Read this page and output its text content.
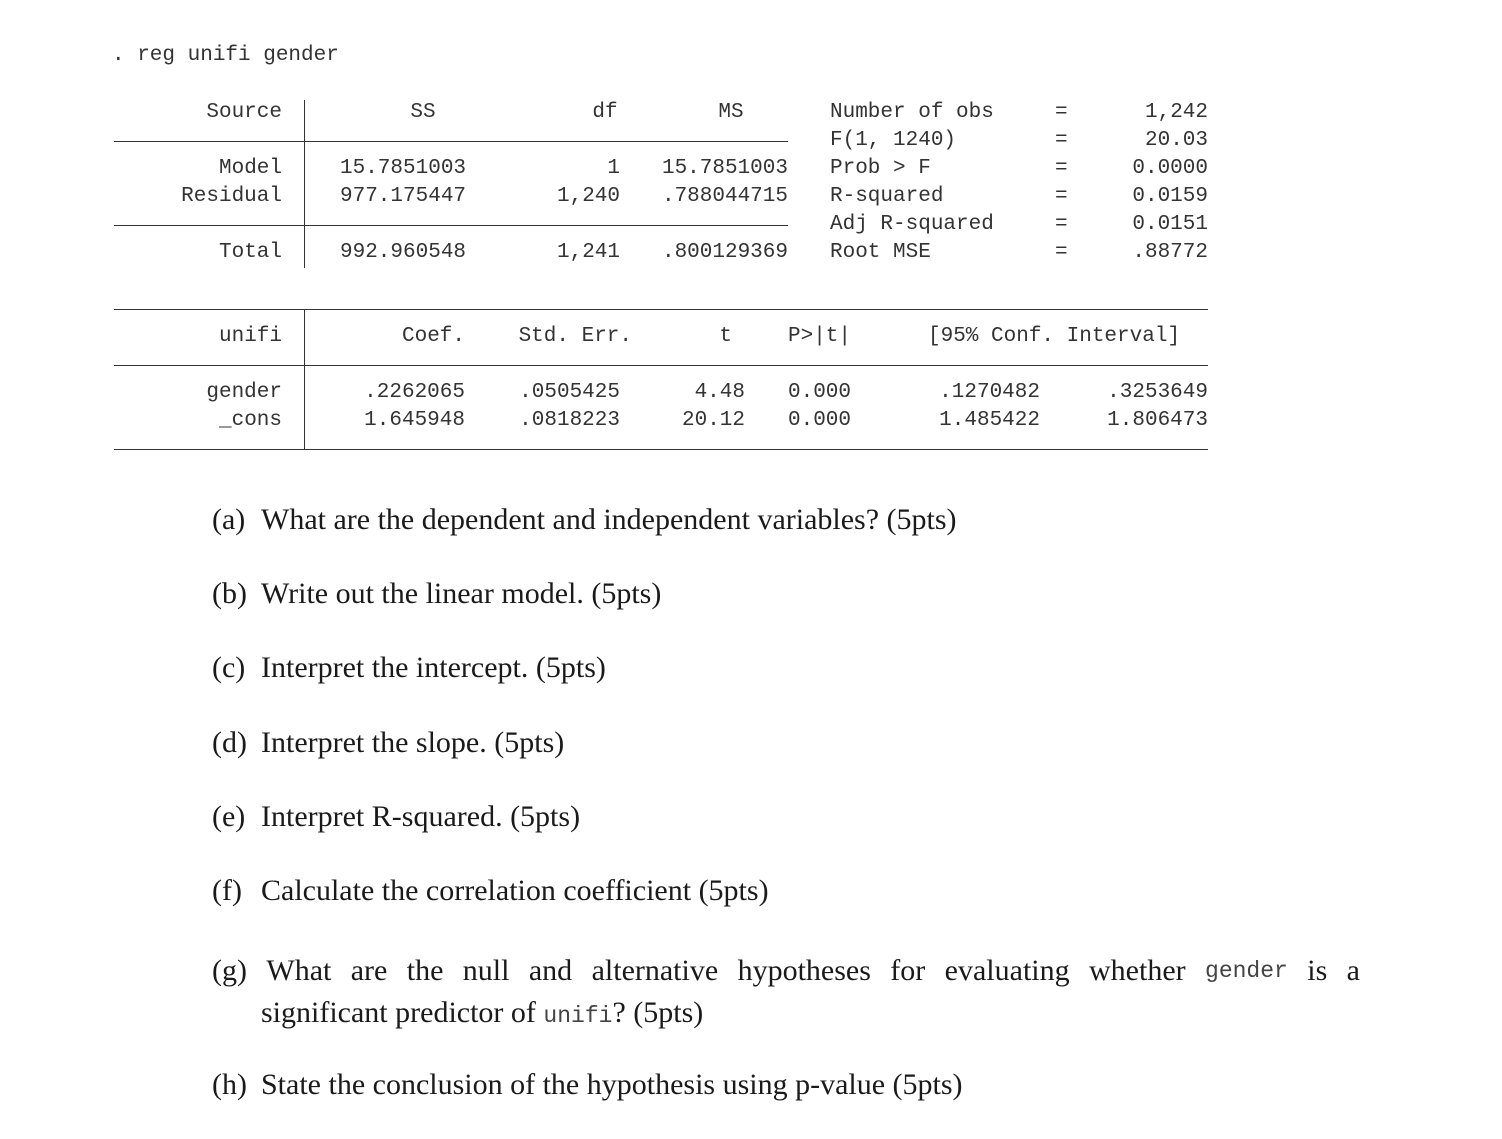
. reg unifi gender
Source	SS	df	MS
Model	15.7851003	1	15.7851003
Residual	977.175447	1,240	.788044715
Total	992.960548	1,241	.800129369
Number of obs	=	1,242
F(1, 1240)	=	20.03
Prob > F	=	0.0000
R-squared	=	0.0159
Adj R-squared	=	0.0151
Root MSE	=	.88772
unifi	Coef.	Std. Err.	t	P>|t|	[95% Conf. Interval]
gender	.2262065	.0505425	4.48 0.000	.1270482	.3253649
_cons	1.645948	.0818223	20.12 0.000	1.485422	1.806473
(a) What are the dependent and independent variables? (5pts)
(b) Write out the linear model. (5pts)
(c) Interpret the intercept. (5pts)
(d) Interpret the slope. (5pts)
(e) Interpret R-squared. (5pts)
(f) Calculate the correlation coefficient (5pts)
(g) What are the null and alternative hypotheses for evaluating whether gender is a
significant predictor of unifi? (5pts)
(h) State the conclusion of the hypothesis using p-value (5pts)
